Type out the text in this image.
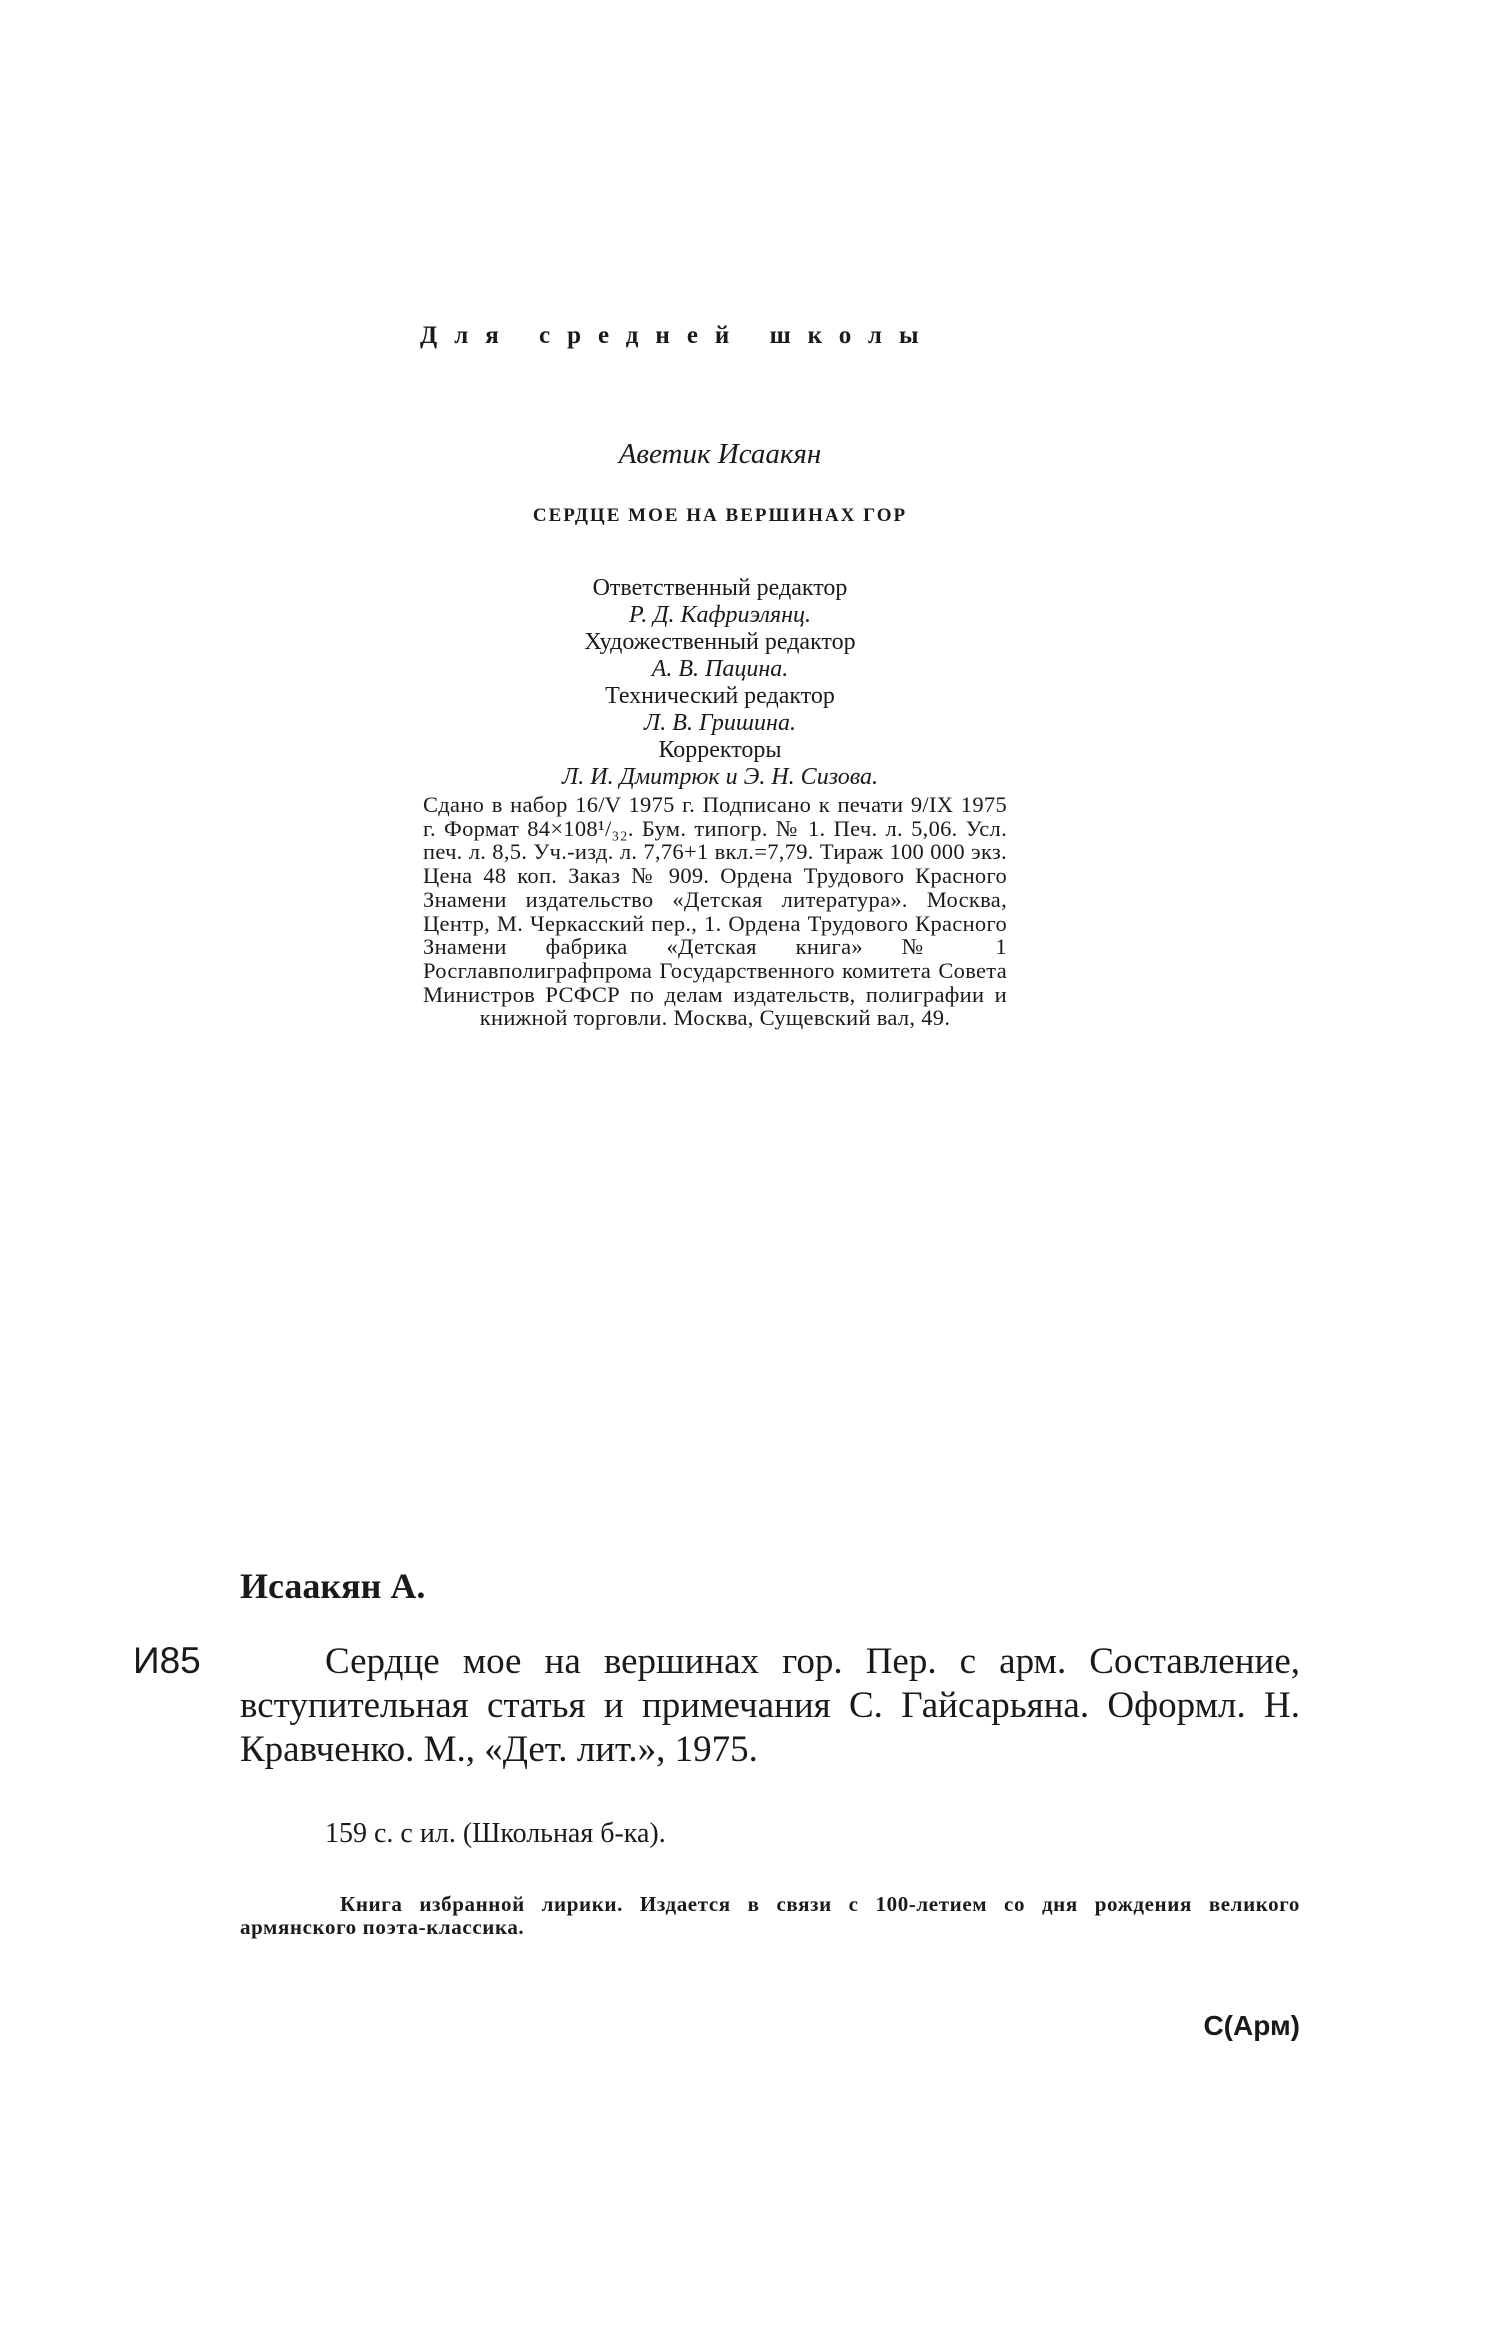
Для средней школы
Аветик Исаакян
СЕРДЦЕ МОЕ НА ВЕРШИНАХ ГОР
Ответственный редактор
Р. Д. Кафриэлянц.
Художественный редактор
А. В. Пацина.
Технический редактор
Л. В. Гришина.
Корректоры
Л. И. Дмитрюк и Э. Н. Сизова.
Сдано в набор 16/V 1975 г. Подписано к печати 9/IX 1975 г. Формат 84×108¹/₃₂. Бум. типогр. № 1. Печ. л. 5,06. Усл. печ. л. 8,5. Уч.-изд. л. 7,76+1 вкл.=7,79. Тираж 100 000 экз. Цена 48 коп. Заказ № 909. Ордена Трудового Красного Знамени издательство «Детская литература». Москва, Центр, М. Черкасский пер., 1. Ордена Трудового Красного Знамени фабрика «Детская книга» № 1 Росглавполиграфпрома Государственного комитета Совета Министров РСФСР по делам издательств, полиграфии и книжной торговли. Москва, Сущевский вал, 49.
Исаакян А.
И85	Сердце мое на вершинах гор. Пер. с арм. Составление, вступительная статья и примечания С. Гайсарьяна. Оформл. Н. Кравченко. М., «Дет. лит.», 1975.
159 с. с ил. (Школьная б-ка).
Книга избранной лирики. Издается в связи с 100-летием со дня рождения великого армянского поэта-классика.
С(Арм)
